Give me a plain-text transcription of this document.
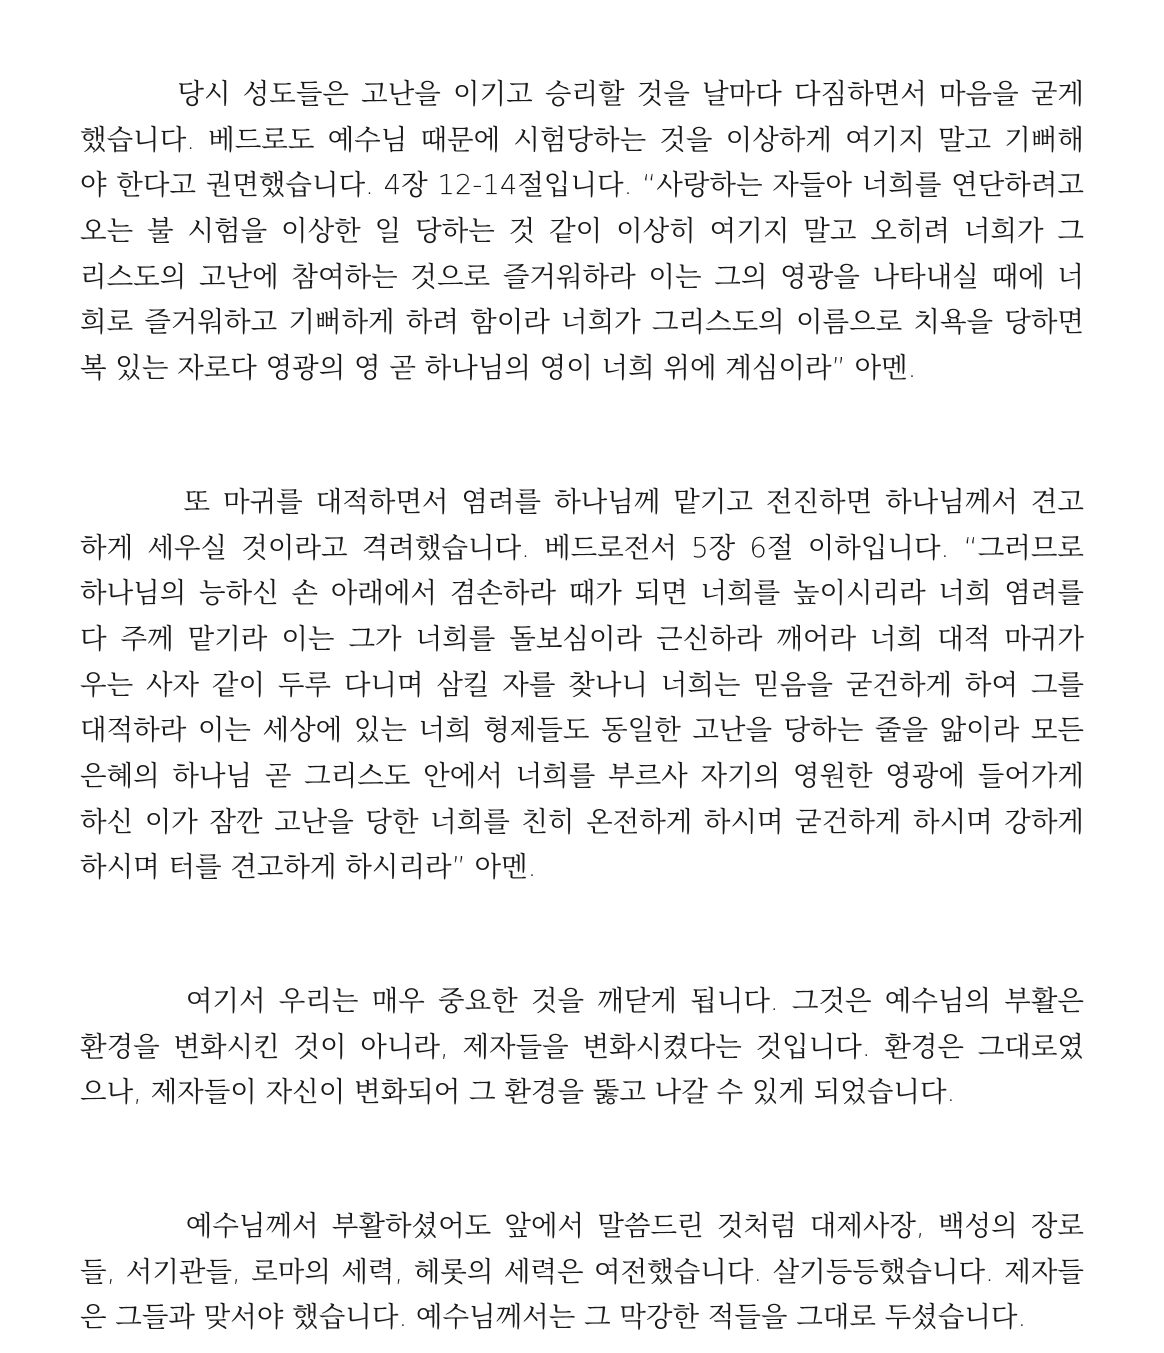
당시 성도들은 고난을 이기고 승리할 것을 날마다 다짐하면서 마음을 굳게
했습니다. 베드로도 예수님 때문에 시험당하는 것을 이상하게 여기지 말고 기뻐해
야 한다고 권면했습니다. 4장 12-14절입니다. “사랑하는 자들아 너희를 연단하려고
오는 불 시험을 이상한 일 당하는 것 같이 이상히 여기지 말고 오히려 너희가 그
리스도의 고난에 참여하는 것으로 즐거워하라 이는 그의 영광을 나타내실 때에 너
희로 즐거워하고 기뻐하게 하려 함이라 너희가 그리스도의 이름으로 치욕을 당하면
복 있는 자로다 영광의 영 곧 하나님의 영이 너희 위에 계심이라” 아멘.
또 마귀를 대적하면서 염려를 하나님께 맡기고 전진하면 하나님께서 견고
하게 세우실 것이라고 격려했습니다. 베드로전서 5장 6절 이하입니다. “그러므로
하나님의 능하신 손 아래에서 겸손하라 때가 되면 너희를 높이시리라 너희 염려를
다 주께 맡기라 이는 그가 너희를 돌보심이라 근신하라 깨어라 너희 대적 마귀가
우는 사자 같이 두루 다니며 삼킬 자를 찾나니 너희는 믿음을 굳건하게 하여 그를
대적하라 이는 세상에 있는 너희 형제들도 동일한 고난을 당하는 줄을 앎이라 모든
은혜의 하나님 곧 그리스도 안에서 너희를 부르사 자기의 영원한 영광에 들어가게
하신 이가 잠깐 고난을 당한 너희를 친히 온전하게 하시며 굳건하게 하시며 강하게
하시며 터를 견고하게 하시리라” 아멘.
여기서 우리는 매우 중요한 것을 깨닫게 됩니다. 그것은 예수님의 부활은
환경을 변화시킨 것이 아니라, 제자들을 변화시켰다는 것입니다. 환경은 그대로였
으나, 제자들이 자신이 변화되어 그 환경을 뚫고 나갈 수 있게 되었습니다.
예수님께서 부활하셨어도 앞에서 말씀드린 것처럼 대제사장, 백성의 장로
들, 서기관들, 로마의 세력, 헤롯의 세력은 여전했습니다. 살기등등했습니다. 제자들
은 그들과 맞서야 했습니다. 예수님께서는 그 막강한 적들을 그대로 두셨습니다.
